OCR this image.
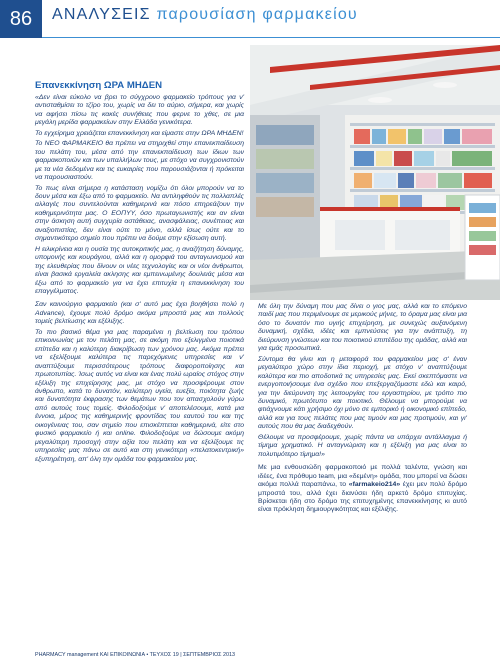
86	ΑΝΑΛΥΣΕΙΣ παρουσίαση φαρμακείου
Επανεκκίνηση ΩΡΑ ΜΗΔΕΝ

«Δεν είναι εύκολο να βρει το σύγχρονο φαρμακείο τρόπους για ν' αντισταθμίσει το τζίρο του, χωρίς να δει το αύριο, σήμερα, και χωρίς να αφήσει πίσω τις κακές συνήθειες που φερνε το χθες, σε μια μεγάλη μερίδα φαρμακείων στην Ελλάδα γενικότερα.

Το εγχείρημα χρειάζεται επανεκκίνηση και είμαστε στην ΩΡΑ ΜΗΔΕΝ!

Το NEO ΦΑΡΜΑΚΕΙΟ θα πρέπει να στηριχθεί στην επανεκπαίδευση του πελάτη του, μέσα από την επανεκπαίδευση των ίδιων των φαρμακοποιών και των υπαλλήλων τους, με στόχο να συγχρονιστούν με τα νέα δεδομένα και τις ευκαιρίες που παρουσιάζονται ή πρόκειται να παρουσιαστούν.

Το πως είναι σήμερα η κατάσταση νομίζω ότι όλοι μπορούν να το δουν μέσα και έξω από το φαρμακείο. Να αντιληφθούν τις πολλαπλές αλλαγές που συντελούνται καθημερινά και πόσο επηρεάζουν την καθημερινότητα μας. Ο ΕΟΠΥΥ, όσο πρωταγωνιστής και αν είναι στην άσκηση αυτή συγχυρία αστάθειας, ανασφάλειας, συνέπειας και αναξιοπιστίας, δεν είναι ούτε το μόνο, αλλά ίσως ούτε και το σημαντικότερο σημείο που πρέπει να δούμε στην εξίσωση αυτή.

Η ειλικρίνεια και η ουσία της αυτοκριτικής μας, η αναζήτηση δύναμης, υπομονής και κουράγιου, αλλά και η ομορφιά του ανταγωνισμού και της ελευθερίας που δίνουν οι νέες τεχνολογίες και οι νέοι άνθρωποι, είναι βασικά εργαλεία ακλησης και εμπεινωμένης δουλειάς μέσα και έξω από το φαρμακείο για να έχει επιτυχία η επανεκκίνηση του επαγγέλματος.

Σαν καινούργιο φαρμακείο (και σ' αυτό μας έχει βοηθήσει πολύ η Advance), έχουμε πολύ δρόμο ακόμα μπροστά μας και πολλούς τομείς βελτίωσης και εξέλιξης.

Το πιο βασικό θέμα για μας παραμένει η βελτίωση του τρόπου επικοινωνίας με τον πελάτη μας, σε ακόμη πιο εξελιγμένα ποιοτικά επίπεδα και η καλύτερη διακρίβωση των χρόνου μας. Ακόμα πρέπει να εξελίξουμε καλύτερα τις παρεχόμενες υπηρεσίες και ν' αναπτύξουμε περισσότερους τρόπους διαφοροποίησης και πρωτοτυπίας. Ίσως αυτός να είναι και ένας πολύ ωραίος στόχος στην εξέλιξη της επιχείρησης μας, με στόχο να προσφέρουμε στον άνθρωπο, κατά το δυνατόν, καλύτερη υγεία, ευεξία, ποιότητα ζωής και δυνατότητα έκφρασης των θεμάτων που τον απασχολούν γύρω από αυτούς τους τομείς. Φιλοδοξούμε ν' αποτελέσουμε, κατά μια έννοια, μέρος της καθημερινής φροντίδας του εαυτού του και της οικογένειας του, σαν σημείο που επισκέπτεται καθημερινά, είτε στο φυσικό φαρμακείο ή και online. Φιλοδοξούμε να δώσουμε ακόμη μεγαλύτερη προσοχή στην αξία του πελάτη και να εξελίξουμε τις υπηρεσίες μας πάνω σε αυτό και στη γενικότερη «πελατοκεντρική» εξυπηρέτηση, απ' όλη την ομάδα του φαρμακείου μας.

Με όλη την δύναμη που μας δίνει ο γιος μας, αλλά και το επόμενο παιδί μας που περιμένουμε σε μερικούς μήνες, το όραμα μας είναι μια όσο το δυνατόν πιο υγιής επιχείρηση, με συνεχώς αυξανόμενη δυναμική, σχέδια, ιδέες και εμπνεύσεις για την ανάπτυξη, τη διεύρυνση γνώσεων και του ποιοτικού επιπέδου της ομάδας, αλλά και για εμάς προσωπικά.

Σύντομα θα γίνει και η μεταφορά του φαρμακείου μας σ' έναν μεγαλύτερο χώρο στην ίδια περιοχή, με στόχο ν' αναπτύξουμε καλύτερα και πιο αποδοτικά τις υπηρεσίες μας. Εκεί σκεπτόμαστε να ενεργοποιήσουμε ένα σχέδιο που επεξεργαζόμαστε εδώ και καιρό, για την διεύρυνση της λειτουργίας του εργαστηρίου, με τρόπο πιο δυναμικό, πρωτότυπο και ποιοτικό. Θέλουμε να μπορούμε να φτιάχνουμε κάτι χρήσιμο όχι μόνο σε εμπορικό ή οικονομικό επίπεδο, αλλά και για τους πελάτες που μας τιμούν και μας προτιμούν, και γι' αυτούς που θα μας διαδεχθούν.

Θέλουμε να προσφέρουμε, χωρίς πάντα να υπάρχει αντάλλαγμα ή τίμημα χρηματικό. Η ανταγνώριση και η εξέλιξη για μας είναι το πολυτιμότερο τίμημα!»

Με μια ενθουσιώδη φαρμακοποιό με πολλά ταλέντα, γνώση και ιδέες, ένα πρόθυμο team, μια «δεμένη» ομάδα, που μπορεί να δώσει ακόμα πολλά παραπάνω, το «farmakeio214» έχει μεν πολύ δρόμο μπροστά του, αλλά έχει διανύσει ήδη αρκετό δρόμο επιτυχίας. Βρίσκεται ήδη στο δρόμο της επιτυχημένης επανεκκίνησης κι αυτό είναι πρόκληση δημιουργικότητας και εξέλιξης.

PHARMACY management ΚΑΙ ΕΠΙΚΟΙΝΩΝΙΑ • ΤΕΥΧΟΣ 19 | ΣΕΠΤΕΜΒΡΙΟΣ 2013
